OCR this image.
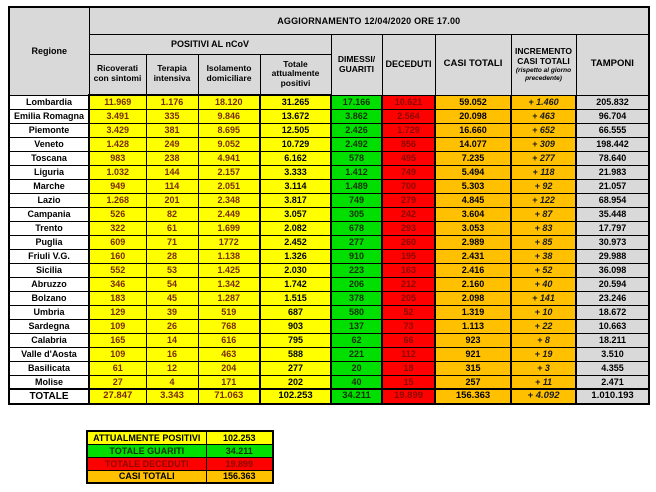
Regione	AGGIORNAMENTO 12/04/2020 ORE 17.00								
	POSITIVI AL nCoV				DIMESSI/
GUARITI	DECEDUTI	CASI TOTALI	INCREMENTO CASI TOTALI
(rispetto al giorno precedente)	TAMPONI
	Ricoverati con sintomi	Terapia intensiva	Isolamento domiciliare	Totale attualmente positivi					
Lombardia	11.969	1.176	18.120	31.265	17.166	10.621	59.052	+ 1.460	205.832
Emilia Romagna	3.491	335	9.846	13.672	3.862	2.564	20.098	+ 463	96.704
Piemonte	3.429	381	8.695	12.505	2.426	1.729	16.660	+ 652	66.555
Veneto	1.428	249	9.052	10.729	2.492	856	14.077	+ 309	198.442
Toscana	983	238	4.941	6.162	578	495	7.235	+ 277	78.640
Liguria	1.032	144	2.157	3.333	1.412	749	5.494	+ 118	21.983
Marche	949	114	2.051	3.114	1.489	700	5.303	+ 92	21.057
Lazio	1.268	201	2.348	3.817	749	279	4.845	+ 122	68.954
Campania	526	82	2.449	3.057	305	242	3.604	+ 87	35.448
Trento	322	61	1.699	2.082	678	293	3.053	+ 83	17.797
Puglia	609	71	1772	2.452	277	260	2.989	+ 85	30.973
Friuli V.G.	160	28	1.138	1.326	910	195	2.431	+ 38	29.988
Sicilia	552	53	1.425	2.030	223	163	2.416	+ 52	36.098
Abruzzo	346	54	1.342	1.742	206	212	2.160	+ 40	20.594
Bolzano	183	45	1.287	1.515	378	205	2.098	+ 141	23.246
Umbria	129	39	519	687	580	52	1.319	+ 10	18.672
Sardegna	109	26	768	903	137	73	1.113	+ 22	10.663
Calabria	165	14	616	795	62	66	923	+ 8	18.211
Valle d'Aosta	109	16	463	588	221	112	921	+ 19	3.510
Basilicata	61	12	204	277	20	18	315	+ 3	4.355
Molise	27	4	171	202	40	15	257	+ 11	2.471
TOTALE	27.847	3.343	71.063	102.253	34.211	19.899	156.363	+ 4.092	1.010.193
ATTUALMENTE POSITIVI	102.253
TOTALE GUARITI	34.211
TOTALE DECEDUTI	19.899
CASI TOTALI	156.363
